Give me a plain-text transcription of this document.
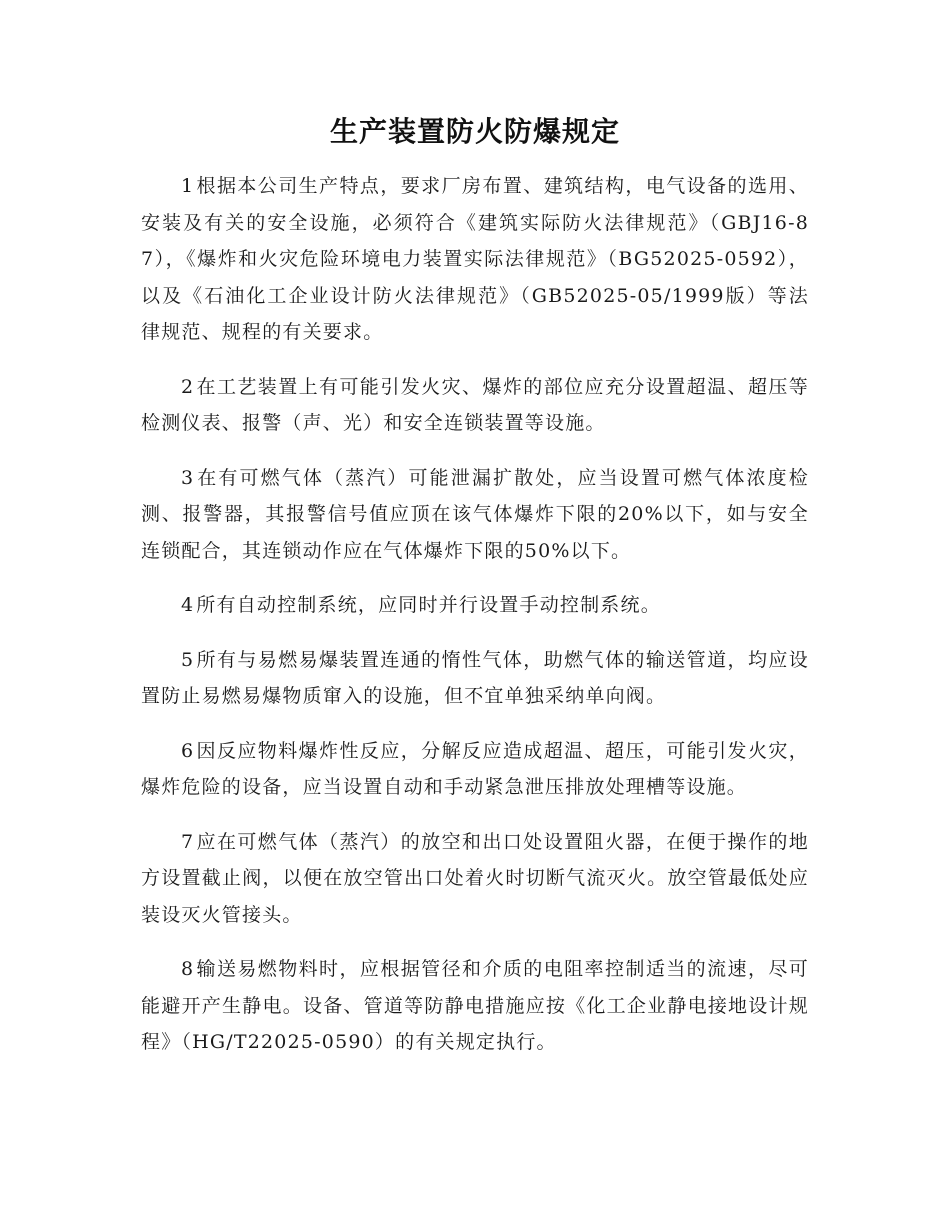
生产装置防火防爆规定

1 根据本公司生产特点，要求厂房布置、建筑结构，电气设备的选用、安装及有关的安全设施，必须符合《建筑实际防火法律规范》（GBJ16-87），《爆炸和火灾危险环境电力装置实际法律规范》（BG52025-0592），以及《石油化工企业设计防火法律规范》（GB52025-05/1999版）等法律规范、规程的有关要求。

2 在工艺装置上有可能引发火灾、爆炸的部位应充分设置超温、超压等检测仪表、报警（声、光）和安全连锁装置等设施。

3 在有可燃气体（蒸汽）可能泄漏扩散处，应当设置可燃气体浓度检测、报警器，其报警信号值应顶在该气体爆炸下限的20%以下，如与安全连锁配合，其连锁动作应在气体爆炸下限的50%以下。

4 所有自动控制系统，应同时并行设置手动控制系统。

5 所有与易燃易爆装置连通的惰性气体，助燃气体的输送管道，均应设置防止易燃易爆物质窜入的设施，但不宜单独采纳单向阀。

6 因反应物料爆炸性反应，分解反应造成超温、超压，可能引发火灾，爆炸危险的设备，应当设置自动和手动紧急泄压排放处理槽等设施。

7 应在可燃气体（蒸汽）的放空和出口处设置阻火器，在便于操作的地方设置截止阀，以便在放空管出口处着火时切断气流灭火。放空管最低处应装设灭火管接头。

8 输送易燃物料时，应根据管径和介质的电阻率控制适当的流速，尽可能避开产生静电。设备、管道等防静电措施应按《化工企业静电接地设计规程》（HG/T22025-0590）的有关规定执行。
